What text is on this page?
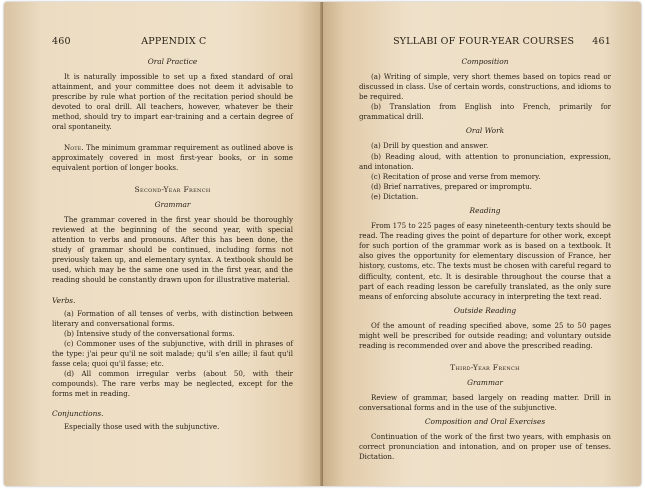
460	APPENDIX C
Oral Practice

It is naturally impossible to set up a fixed standard of oral attainment, and your committee does not deem it advisable to prescribe by rule what portion of the recitation period should be devoted to oral drill. All teachers, however, whatever be their method, should try to impart ear-training and a certain degree of oral spontaneity.

Note. The minimum grammar requirement as outlined above is approximately covered in most first-year books, or in some equivalent portion of longer books.

Second-Year French
Grammar

The grammar covered in the first year should be thoroughly reviewed at the beginning of the second year, with special attention to verbs and pronouns. After this has been done, the study of grammar should be continued, including forms not previously taken up, and elementary syntax. A textbook should be used, which may be the same one used in the first year, and the reading should be constantly drawn upon for illustrative material.

Verbs.

(a) Formation of all tenses of verbs, with distinction between literary and conversational forms.

(b) Intensive study of the conversational forms.

(c) Commoner uses of the subjunctive, with drill in phrases of the type: j'ai peur qu'il ne soit malade; qu'il s'en aille; il faut qu'il fasse cela; quoi qu'il fasse; etc.

(d) All common irregular verbs (about 50, with their compounds). The rare verbs may be neglected, except for the forms met in reading.

Conjunctions.

Especially those used with the subjunctive.

SYLLABI OF FOUR-YEAR COURSES	461
Composition

(a) Writing of simple, very short themes based on topics read or discussed in class. Use of certain words, constructions, and idioms to be required.

(b) Translation from English into French, primarily for grammatical drill.

Oral Work

(a) Drill by question and answer.

(b) Reading aloud, with attention to pronunciation, expression, and intonation.

(c) Recitation of prose and verse from memory.

(d) Brief narratives, prepared or impromptu.

(e) Dictation.

Reading

From 175 to 225 pages of easy nineteenth-century texts should be read. The reading gives the point of departure for other work, except for such portion of the grammar work as is based on a textbook. It also gives the opportunity for elementary discussion of France, her history, customs, etc. The texts must be chosen with careful regard to difficulty, content, etc. It is desirable throughout the course that a part of each reading lesson be carefully translated, as the only sure means of enforcing absolute accuracy in interpreting the text read.

Outside Reading

Of the amount of reading specified above, some 25 to 50 pages might well be prescribed for outside reading; and voluntary outside reading is recommended over and above the prescribed reading.

Third-Year French
Grammar

Review of grammar, based largely on reading matter. Drill in conversational forms and in the use of the subjunctive.

Composition and Oral Exercises

Continuation of the work of the first two years, with emphasis on correct pronunciation and intonation, and on proper use of tenses. Dictation.
